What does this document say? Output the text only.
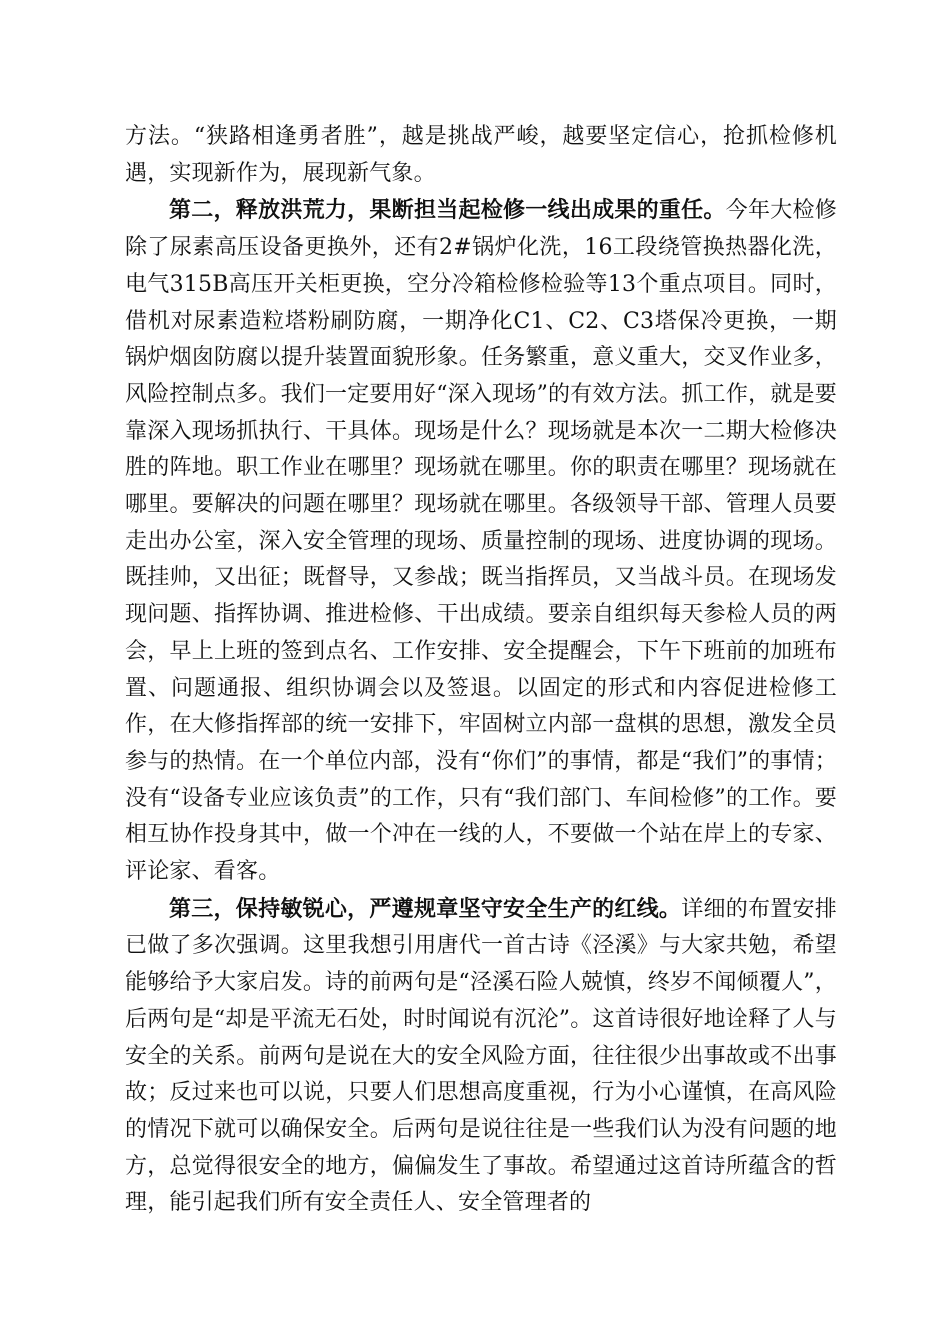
方法。“狭路相逢勇者胜”，越是挑战严峻，越要坚定信心，抢抓检修机遇，实现新作为，展现新气象。

第二，释放洪荒力，果断担当起检修一线出成果的重任。今年大检修除了尿素高压设备更换外，还有2#锅炉化洗，16工段绕管换热器化洗，电气315B高压开关柜更换，空分冷箱检修检验等13个重点项目。同时，借机对尿素造粒塔粉刷防腐，一期净化C1、C2、C3塔保冷更换，一期锅炉烟囱防腐以提升装置面貌形象。任务繁重，意义重大，交叉作业多，风险控制点多。我们一定要用好“深入现场”的有效方法。抓工作，就是要靠深入现场抓执行、干具体。现场是什么？现场就是本次一二期大检修决胜的阵地。职工作业在哪里？现场就在哪里。你的职责在哪里？现场就在哪里。要解决的问题在哪里？现场就在哪里。各级领导干部、管理人员要走出办公室，深入安全管理的现场、质量控制的现场、进度协调的现场。既挂帅，又出征；既督导，又参战；既当指挥员，又当战斗员。在现场发现问题、指挥协调、推进检修、干出成绩。要亲自组织每天参检人员的两会，早上上班的签到点名、工作安排、安全提醒会，下午下班前的加班布置、问题通报、组织协调会以及签退。以固定的形式和内容促进检修工作，在大修指挥部的统一安排下，牢固树立内部一盘棋的思想，激发全员参与的热情。在一个单位内部，没有“你们”的事情，都是“我们”的事情；没有“设备专业应该负责”的工作，只有“我们部门、车间检修”的工作。要相互协作投身其中，做一个冲在一线的人，不要做一个站在岸上的专家、评论家、看客。

第三，保持敏锐心，严遵规章坚守安全生产的红线。详细的布置安排已做了多次强调。这里我想引用唐代一首古诗《泾溪》与大家共勉，希望能够给予大家启发。诗的前两句是“泾溪石险人兢慎，终岁不闻倾覆人”，后两句是“却是平流无石处，时时闻说有沉沦”。这首诗很好地诠释了人与安全的关系。前两句是说在大的安全风险方面，往往很少出事故或不出事故；反过来也可以说，只要人们思想高度重视，行为小心谨慎，在高风险的情况下就可以确保安全。后两句是说往往是一些我们认为没有问题的地方，总觉得很安全的地方，偏偏发生了事故。希望通过这首诗所蕴含的哲理，能引起我们所有安全责任人、安全管理者的
